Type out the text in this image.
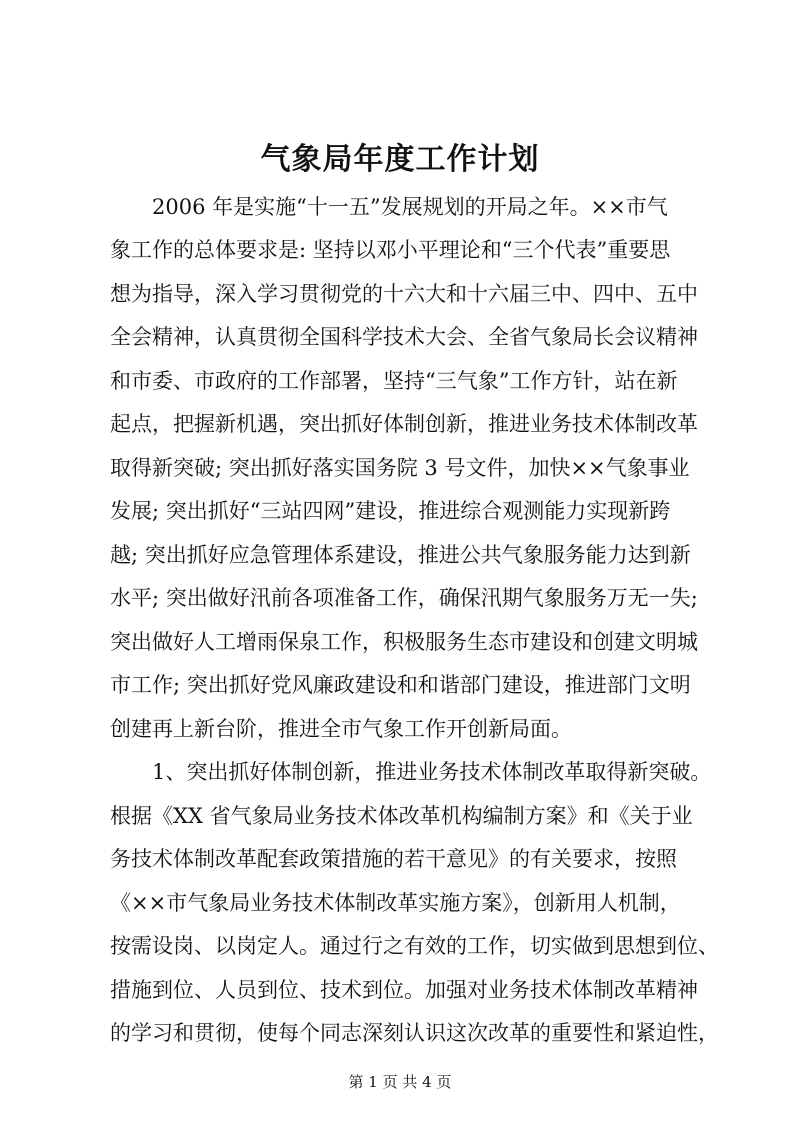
气象局年度工作计划
　　2006 年是实施“十一五”发展规划的开局之年。××市气
象工作的总体要求是: 坚持以邓小平理论和“三个代表”重要思
想为指导，深入学习贯彻党的十六大和十六届三中、四中、五中
全会精神，认真贯彻全国科学技术大会、全省气象局长会议精神
和市委、市政府的工作部署，坚持“三气象”工作方针，站在新
起点，把握新机遇，突出抓好体制创新，推进业务技术体制改革
取得新突破; 突出抓好落实国务院 3 号文件，加快××气象事业
发展; 突出抓好“三站四网”建设，推进综合观测能力实现新跨
越; 突出抓好应急管理体系建设，推进公共气象服务能力达到新
水平; 突出做好汛前各项准备工作，确保汛期气象服务万无一失;
突出做好人工增雨保泉工作，积极服务生态市建设和创建文明城
市工作; 突出抓好党风廉政建设和和谐部门建设，推进部门文明
创建再上新台阶，推进全市气象工作开创新局面。
　　1、突出抓好体制创新，推进业务技术体制改革取得新突破。
根据《XX 省气象局业务技术体改革机构编制方案》和《关于业
务技术体制改革配套政策措施的若干意见》的有关要求，按照
《××市气象局业务技术体制改革实施方案》，创新用人机制，
按需设岗、以岗定人。通过行之有效的工作，切实做到思想到位、
措施到位、人员到位、技术到位。加强对业务技术体制改革精神
的学习和贯彻，使每个同志深刻认识这次改革的重要性和紧迫性，
第 1 页 共 4 页
